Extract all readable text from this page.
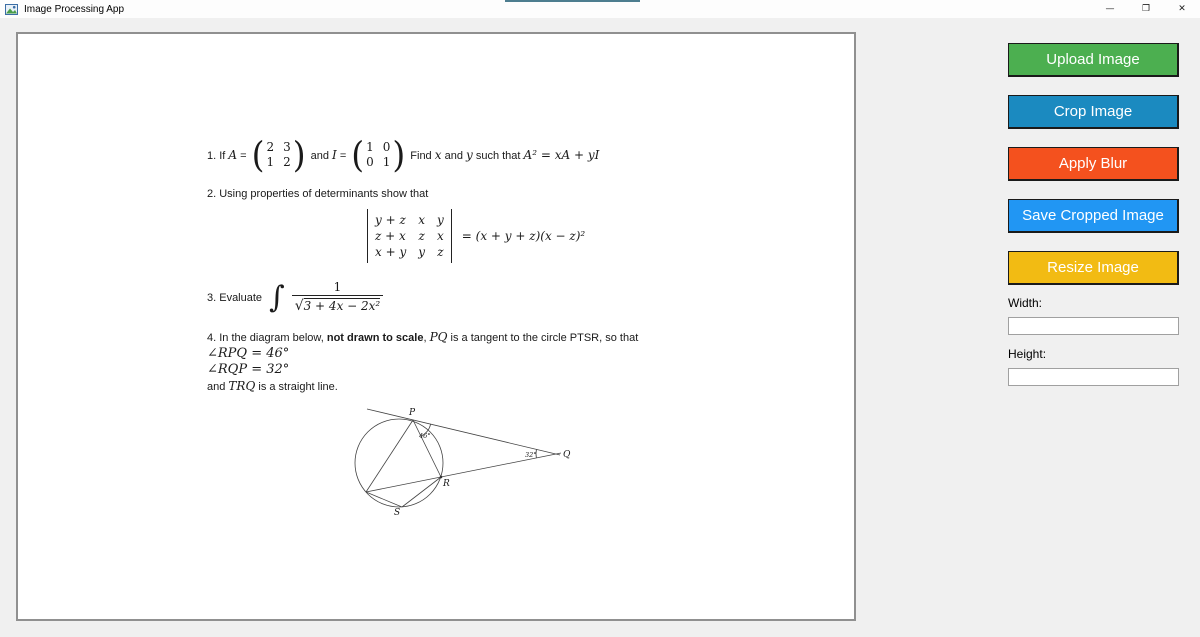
Image Processing App	—	❐	✕
1. If A = ( 2 3
1 2 ) and I = ( 1 0
0 1 ) Find x and y such that A² = xA + yI
2. Using properties of determinants show that
y + z x y
z + x z x
x + y y z
= (x + y + z)(x − z)²
3. Evaluate ∫ $\frac{1}{\text{√3 + 4x − 2x²}}$
4. In the diagram below, not drawn to scale, PQ is a tangent to the circle PTSR, so that
∠RPQ = 46°
∠RQP = 32°
and TRQ is a straight line.
P
Q
R
S
46°
32°
Upload Image
Crop Image
Apply Blur
Save Cropped Image
Resize Image
Width:
Height:
